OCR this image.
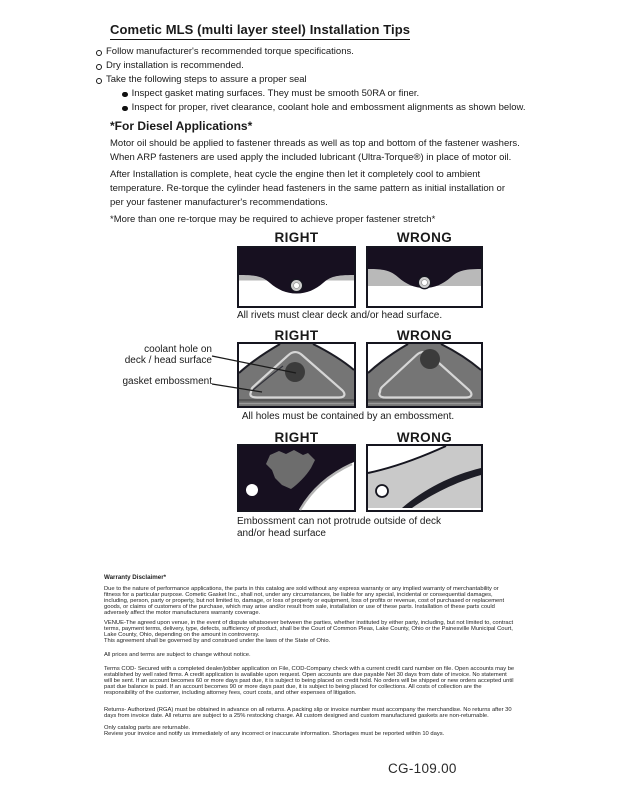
Cometic MLS (multi layer steel) Installation Tips
Follow manufacturer's recommended torque specifications.
Dry installation is recommended.
Take the following steps to assure a proper seal
Inspect gasket mating surfaces. They must be smooth 50RA or finer.
Inspect for proper, rivet clearance, coolant hole and embossment alignments as shown below.
*For Diesel Applications*
Motor oil should be applied to fastener threads as well as top and bottom of the fastener washers. When ARP fasteners are used apply the included lubricant (Ultra-Torque®) in place of motor oil.
After Installation is complete, heat cycle the engine then let it completely cool to ambient temperature. Re-torque the cylinder head fasteners in the same pattern as initial installation or per your fastener manufacturer's recommendations.
*More than one re-torque may be required to achieve proper fastener stretch*
RIGHT	WRONG
All rivets must clear deck and/or head surface.
RIGHT	WRONG
coolant hole on
deck / head surface
gasket embossment
All holes must be contained by an embossment.
RIGHT	WRONG
Embossment can not protrude outside of deck
and/or head surface
Warranty Disclaimer*
Due to the nature of performance applications, the parts in this catalog are sold without any express warranty or any implied warranty of merchantability or fitness for a particular purpose. Cometic Gasket Inc., shall not, under any circumstances, be liable for any special, incidental or consequential damages, including, person, party or property, but not limited to, damage, or loss of property or equipment, loss of profits or revenue, cost of purchased or replacement goods, or claims of customers of the purchase, which may arise and/or result from sale, installation or use of these parts. Installation of these parts could adversely affect the motor manufacturers warranty coverage.

VENUE-The agreed upon venue, in the event of dispute whatsoever between the parties, whether instituted by either party, including, but not limited to, contract terms, payment terms, delivery, type, defects, sufficiency of product, shall be the Court of Common Pleas, Lake County, Ohio or the Painesville Municipal Court, Lake County, Ohio, depending on the amount in controversy.

This agreement shall be governed by and construed under the laws of the State of Ohio.

All prices and terms are subject to change without notice.
Terms COD- Secured with a completed dealer/jobber application on File, COD-Company check with a current credit card number on file. Open accounts may be established by well rated firms. A credit application is available upon request. Open accounts are due payable Net 30 days from date of invoice. No statement will be sent. If an account becomes 60 or more days past due, it is subject to being placed on credit hold. No orders will be shipped or new orders accepted until past due balance is paid. If an account becomes 90 or more days past due, it is subject to being placed for collections. All costs of collection are the responsibility of the customer, including attorney fees, court costs, and other expenses of litigation.
Returns- Authorized (RGA) must be obtained in advance on all returns. A packing slip or invoice number must accompany the merchandise. No returns after 30 days from invoice date. All returns are subject to a 25% restocking charge. All custom designed and custom manufactured gaskets are non-returnable.

Only catalog parts are returnable.

Review your invoice and notify us immediately of any incorrect or inaccurate information. Shortages must be reported within 10 days.

CG-109.00
